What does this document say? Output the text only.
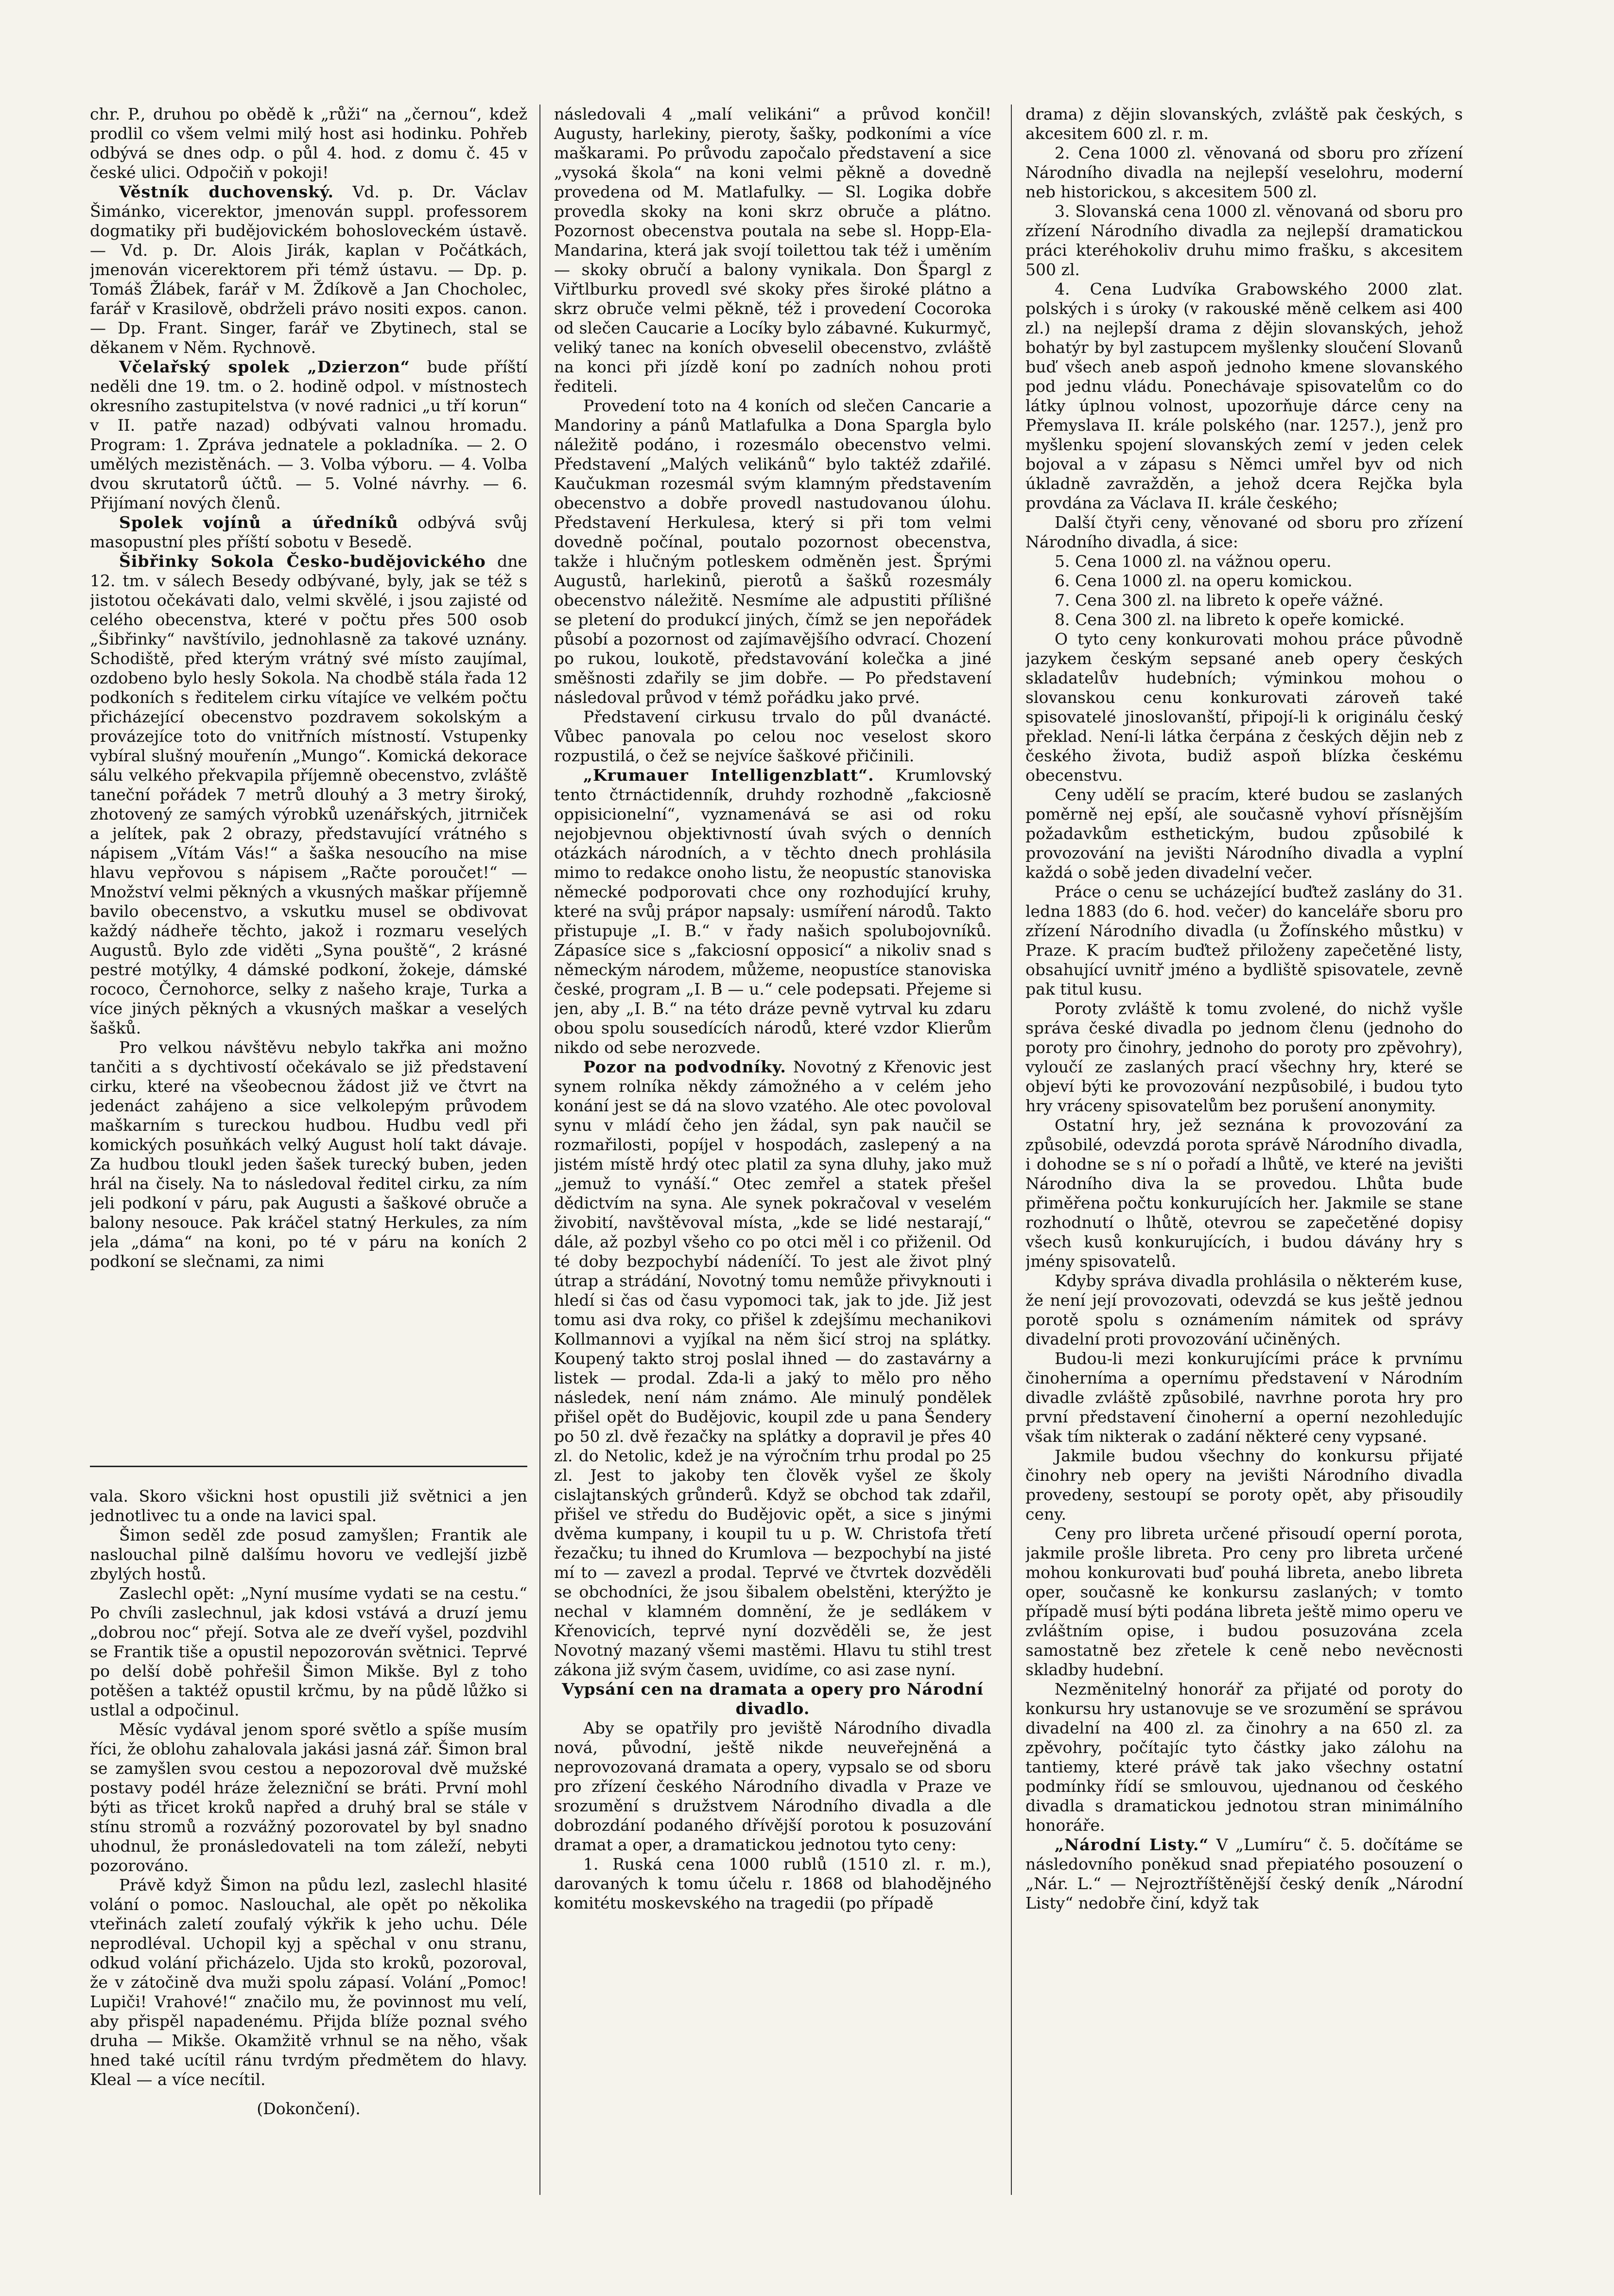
chr. P., druhou po obědě k „růži“ na „černou“, kdež prodlil co všem velmi milý host asi hodinku. Pohřeb odbývá se dnes odp. o půl 4. hod. z domu č. 45 v české ulici. Odpočiň v pokoji!

Věstník duchovenský. Vd. p. Dr. Václav Šimánko, vicerektor, jmenován suppl. professorem dogmatiky při budějovickém bohosloveckém ústavě. — Vd. p. Dr. Alois Jirák, kaplan v Počátkách, jmenován vicerektorem při témž ústavu. — Dp. p. Tomáš Žlábek, farář v M. Ždíkově a Jan Chocholec, farář v Krasilově, obdrželi právo nositi expos. canon. — Dp. Frant. Singer, farář ve Zbytinech, stal se děkanem v Něm. Rychnově.

Včelařský spolek „Dzierzon“ bude příští neděli dne 19. tm. o 2. hodině odpol. v místnostech okresního zastupitelstva (v nové radnici „u tří korun“ v II. patře nazad) odbývati valnou hromadu. Program: 1. Zpráva jednatele a pokladníka. — 2. O umělých mezistěnách. — 3. Volba výboru. — 4. Volba dvou skrutatorů účtů. — 5. Volné návrhy. — 6. Přijímaní nových členů.

Spolek vojínů a úředníků odbývá svůj masopustní ples příští sobotu v Besedě.

Šibřinky Sokola Česko-budějovického dne 12. tm. v sálech Besedy odbývané, byly, jak se též s jistotou očekávati dalo, velmi skvělé, i jsou zajisté od celého obecenstva, které v počtu přes 500 osob „Šibřinky“ navštívilo, jednohlasně za takové uznány. Schodiště, před kterým vrátný své místo zaujímal, ozdobeno bylo hesly Sokola. Na chodbě stála řada 12 podkoních s ředitelem cirku vítajíce ve velkém počtu přicházející obecenstvo pozdravem sokolským a provázejíce toto do vnitřních místností. Vstupenky vybíral slušný mouřenín „Mungo“. Komická dekorace sálu velkého překvapila příjemně obecenstvo, zvláště taneční pořádek 7 metrů dlouhý a 3 metry široký, zhotovený ze samých výrobků uzenářských, jitrniček a jelítek, pak 2 obrazy, představující vrátného s nápisem „Vítám Vás!“ a šaška nesoucího na mise hlavu vepřovou s nápisem „Račte poroučet!“ — Množství velmi pěkných a vkusných maškar příjemně bavilo obecenstvo, a vskutku musel se obdivovat každý nádheře těchto, jakož i rozmaru veselých Augustů. Bylo zde viděti „Syna pouště“, 2 krásné pestré motýlky, 4 dámské podkoní, žokeje, dámské rococo, Černohorce, selky z našeho kraje, Turka a více jiných pěkných a vkusných maškar a veselých šašků.

Pro velkou návštěvu nebylo takřka ani možno tančiti a s dychtivostí očekávalo se již představení cirku, které na všeobecnou žádost již ve čtvrt na jedenáct zahájeno a sice velkolepým průvodem maškarním s tureckou hudbou. Hudbu vedl při komických posuňkách velký August holí takt dávaje. Za hudbou tloukl jeden šašek turecký buben, jeden hrál na čisely. Na to následoval ředitel cirku, za ním jeli podkoní v páru, pak Augusti a šaškové obruče a balony nesouce. Pak kráčel statný Herkules, za ním jela „dáma“ na koni, po té v páru na koních 2 podkoní se slečnami, za nimi

vala. Skoro všickni host opustili již světnici a jen jednotlivec tu a onde na lavici spal.

Šimon seděl zde posud zamyšlen; Frantik ale naslouchal pilně dalšímu hovoru ve vedlejší jizbě zbylých hostů.

Zaslechl opět: „Nyní musíme vydati se na cestu.“ Po chvíli zaslechnul, jak kdosi vstává a druzí jemu „dobrou noc“ přejí. Sotva ale ze dveří vyšel, pozdvihl se Frantik tiše a opustil nepozorován světnici. Teprvé po delší době pohřešil Šimon Mikše. Byl z toho potěšen a taktéž opustil krčmu, by na půdě lůžko si ustlal a odpočinul.

Měsíc vydával jenom sporé světlo a spíše musím říci, že oblohu zahalovala jakási jasná zář. Šimon bral se zamyšlen svou cestou a nepozoroval dvě mužské postavy podél hráze železniční se bráti. První mohl býti as třicet kroků napřed a druhý bral se stále v stínu stromů a rozvážný pozorovatel by byl snadno uhodnul, že pronásledovateli na tom záleží, nebyti pozorováno.

Právě když Šimon na půdu lezl, zaslechl hlasité volání o pomoc. Naslouchal, ale opět po několika vteřinách zaletí zoufalý výkřik k jeho uchu. Déle neprodléval. Uchopil kyj a spěchal v onu stranu, odkud volání přicházelo. Ujda sto kroků, pozoroval, že v zátočině dva muži spolu zápasí. Volání „Pomoc! Lupiči! Vrahové!“ značilo mu, že povinnost mu velí, aby přispěl napadenému. Přijda blíže poznal svého druha — Mikše. Okamžitě vrhnul se na něho, však hned také ucítil ránu tvrdým předmětem do hlavy. Kleal — a více necítil.

(Dokončení).

následovali 4 „malí velikáni“ a průvod končil! Augusty, harlekiny, pieroty, šašky, podkoními a více maškarami. Po průvodu započalo představení a sice „vysoká škola“ na koni velmi pěkně a dovedně provedena od M. Matlafulky. — Sl. Logika dobře provedla skoky na koni skrz obruče a plátno. Pozornost obecenstva poutala na sebe sl. Hopp-Ela-Mandarina, která jak svojí toilettou tak též i uměním — skoky obručí a balony vynikala. Don Špargl z Viřtlburku provedl své skoky přes široké plátno a skrz obruče velmi pěkně, též i provedení Cocoroka od slečen Caucarie a Locíky bylo zábavné. Kukurmyč, veliký tanec na koních obveselil obecenstvo, zvláště na konci při jízdě koní po zadních nohou proti řediteli.

Provedení toto na 4 koních od slečen Cancarie a Mandoriny a pánů Matlafulka a Dona Spargla bylo náležitě podáno, i rozesmálo obecenstvo velmi. Představení „Malých velikánů“ bylo taktéž zdařilé. Kaučukman rozesmál svým klamným představením obecenstvo a dobře provedl nastudovanou úlohu. Představení Herkulesa, který si při tom velmi dovedně počínal, poutalo pozornost obecenstva, takže i hlučným potleskem odměněn jest. Šprými Augustů, harlekinů, pierotů a šašků rozesmály obecenstvo náležitě. Nesmíme ale adpustiti přílišné se pletení do produkcí jiných, čímž se jen nepořádek působí a pozornost od zajímavějšího odvrací. Chození po rukou, loukotě, představování kolečka a jiné směšnosti zdařily se jim dobře. — Po představení následoval průvod v témž pořádku jako prvé.

Představení cirkusu trvalo do půl dvanácté. Vůbec panovala po celou noc veselost skoro rozpustilá, o čež se nejvíce šaškové přičinili.

„Krumauer Intelligenzblatt“. Krumlovský tento čtrnáctidenník, druhdy rozhodně „fakciosně oppisicionelní“, vyznamenává se asi od roku nejobjevnou objektivností úvah svých o denních otázkách národních, a v těchto dnech prohlásila mimo to redakce onoho listu, že neopustíc stanoviska německé podporovati chce ony rozhodující kruhy, které na svůj prápor napsaly: usmíření národů. Takto přistupuje „I. B.“ v řady našich spolubojovníků. Zápasíce sice s „fakciosní opposicí“ a nikoliv snad s německým národem, můžeme, neopustíce stanoviska české, program „I. B — u.“ cele podepsati. Přejeme si jen, aby „I. B.“ na této dráze pevně vytrval ku zdaru obou spolu sousedících národů, které vzdor Klierům nikdo od sebe nerozvede.

Pozor na podvodníky. Novotný z Křenovic jest synem rolníka někdy zámožného a v celém jeho konání jest se dá na slovo vzatého. Ale otec povoloval synu v mládí čeho jen žádal, syn pak naučil se rozmařilosti, popíjel v hospodách, zaslepený a na jistém místě hrdý otec platil za syna dluhy, jako muž „jemuž to vynáší.“ Otec zemřel a statek přešel dědictvím na syna. Ale synek pokračoval v veselém živobití, navštěvoval místa, „kde se lidé nestarají,“ dále, až pozbyl všeho co po otci měl i co přiženil. Od té doby bezpochybí nádeníčí. To jest ale život plný útrap a strádání, Novotný tomu nemůže přivyknouti i hledí si čas od času vypomoci tak, jak to jde. Již jest tomu asi dva roky, co přišel k zdejšímu mechanikovi Kollmannovi a vyjíkal na něm šicí stroj na splátky. Koupený takto stroj poslal ihned — do zastavárny a listek — prodal. Zda-li a jaký to mělo pro něho následek, není nám známo. Ale minulý pondělek přišel opět do Budějovic, koupil zde u pana Šendery po 50 zl. dvě řezačky na splátky a dopravil je přes 40 zl. do Netolic, kdež je na výročním trhu prodal po 25 zl. Jest to jakoby ten člověk vyšel ze školy cislajtanských grůnderů. Když se obchod tak zdařil, přišel ve středu do Budějovic opět, a sice s jinými dvěma kumpany, i koupil tu u p. W. Christofa třetí řezačku; tu ihned do Krumlova — bezpochybí na jisté mí to — zavezl a prodal. Teprvé ve čtvrtek dozvěděli se obchodníci, že jsou šibalem obelstěni, kterýžto je nechal v klamném domnění, že je sedlákem v Křenovicích, teprvé nyní dozvěděli se, že jest Novotný mazaný všemi mastěmi. Hlavu tu stihl trest zákona již svým časem, uvidíme, co asi zase nyní.

Vypsání cen na dramata a opery pro Národní divadlo.

Aby se opatřily pro jeviště Národního divadla nová, původní, ještě nikde neuveřejněná a neprovozovaná dramata a opery, vypsalo se od sboru pro zřízení českého Národního divadla v Praze ve srozumění s družstvem Národního divadla a dle dobrozdání podaného dřívější porotou k posuzování dramat a oper, a dramatickou jednotou tyto ceny:

1. Ruská cena 1000 rublů (1510 zl. r. m.), darovaných k tomu účelu r. 1868 od blahodějného komitétu moskevského na tragedii (po případě

drama) z dějin slovanských, zvláště pak českých, s akcesitem 600 zl. r. m.

2. Cena 1000 zl. věnovaná od sboru pro zřízení Národního divadla na nejlepší veselohru, moderní neb historickou, s akcesitem 500 zl.

3. Slovanská cena 1000 zl. věnovaná od sboru pro zřízení Národního divadla za nejlepší dramatickou práci kteréhokoliv druhu mimo frašku, s akcesitem 500 zl.

4. Cena Ludvíka Grabowského 2000 zlat. polských i s úroky (v rakouské měně celkem asi 400 zl.) na nejlepší drama z dějin slovanských, jehož bohatýr by byl zastupcem myšlenky sloučení Slovanů buď všech aneb aspoň jednoho kmene slovanského pod jednu vládu. Ponechávaje spisovatelům co do látky úplnou volnost, upozorňuje dárce ceny na Přemyslava II. krále polského (nar. 1257.), jenž pro myšlenku spojení slovanských zemí v jeden celek bojoval a v zápasu s Němci umřel byv od nich úkladně zavražděn, a jehož dcera Rejčka byla provdána za Václava II. krále českého;

Další čtyři ceny, věnované od sboru pro zřízení Národního divadla, á sice:

5. Cena 1000 zl. na vážnou operu.

6. Cena 1000 zl. na operu komickou.

7. Cena 300 zl. na libreto k opeře vážné.

8. Cena 300 zl. na libreto k opeře komické.

O tyto ceny konkurovati mohou práce původně jazykem českým sepsané aneb opery českých skladatelův hudebních; výminkou mohou o slovanskou cenu konkurovati zároveň také spisovatelé jinoslovanští, připojí-li k originálu český překlad. Není-li látka čerpána z českých dějin neb z českého života, budiž aspoň blízka českému obecenstvu.

Ceny udělí se pracím, které budou se zaslaných poměrně nej epší, ale současně vyhoví přísnějším požadavkům esthetickým, budou způsobilé k provozování na jevišti Národního divadla a vyplní každá o sobě jeden divadelní večer.

Práce o cenu se ucházející buďtež zaslány do 31. ledna 1883 (do 6. hod. večer) do kanceláře sboru pro zřízení Národního divadla (u Žofínského můstku) v Praze. K pracím buďtež přiloženy zapečetěné listy, obsahující uvnitř jméno a bydliště spisovatele, zevně pak titul kusu.

Poroty zvláště k tomu zvolené, do nichž vyšle správa české divadla po jednom členu (jednoho do poroty pro činohry, jednoho do poroty pro zpěvohry), vyloučí ze zaslaných prací všechny hry, které se objeví býti ke provozování nezpůsobilé, i budou tyto hry vráceny spisovatelům bez porušení anonymity.

Ostatní hry, jež seznána k provozování za způsobilé, odevzdá porota správě Národního divadla, i dohodne se s ní o pořadí a lhůtě, ve které na jevišti Národního diva la se provedou. Lhůta bude přiměřena počtu konkurujících her. Jakmile se stane rozhodnutí o lhůtě, otevrou se zapečetěné dopisy všech kusů konkurujících, i budou dávány hry s jmény spisovatelů.

Kdyby správa divadla prohlásila o některém kuse, že není její provozovati, odevzdá se kus ještě jednou porotě spolu s oznámením námitek od správy divadelní proti provozování učiněných.

Budou-li mezi konkurujícími práce k prvnímu činoherníma a opernímu představení v Národním divadle zvláště způsobilé, navrhne porota hry pro první představení činoherní a operní nezohledujíc však tím nikterak o zadání některé ceny vypsané.

Jakmile budou všechny do konkursu přijaté činohry neb opery na jevišti Národního divadla provedeny, sestoupí se poroty opět, aby přisoudily ceny.

Ceny pro libreta určené přisoudí operní porota, jakmile prošle libreta. Pro ceny pro libreta určené mohou konkurovati buď pouhá libreta, anebo libreta oper, současně ke konkursu zaslaných; v tomto případě musí býti podána libreta ještě mimo operu ve zvláštním opise, i budou posuzována zcela samostatně bez zřetele k ceně nebo nevěcnosti skladby hudební.

Nezměnitelný honorář za přijaté od poroty do konkursu hry ustanovuje se ve srozumění se správou divadelní na 400 zl. za činohry a na 650 zl. za zpěvohry, počítajíc tyto částky jako zálohu na tantiemy, které právě tak jako všechny ostatní podmínky řídí se smlouvou, ujednanou od českého divadla s dramatickou jednotou stran minimálního honoráře.

„Národní Listy.“ V „Lumíru“ č. 5. dočítáme se následovního poněkud snad přepiatého posouzení o „Nár. L.“ — Nejroztříštěnější český deník „Národní Listy“ nedobře činí, když tak
